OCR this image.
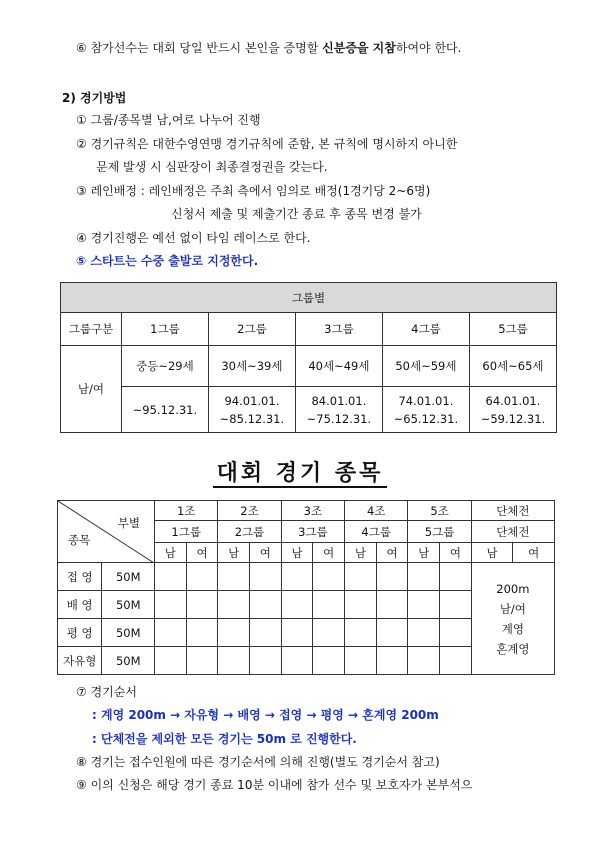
⑥ 참가선수는 대회 당일 반드시 본인을 증명할 신분증을 지참하여야 한다.
2) 경기방법
① 그룹/종목별 남,여로 나누어 진행
② 경기규칙은 대한수영연맹 경기규칙에 준함, 본 규칙에 명시하지 아니한
문제 발생 시 심판장이 최종결정권을 갖는다.
③ 레인배정 : 레인배정은 주최 측에서 임의로 배정(1경기당 2~6명)
신청서 제출 및 제출기간 종료 후 종목 변경 불가
④ 경기진행은 예선 없이 타임 레이스로 한다.
⑤ 스타트는 수중 출발로 지정한다.
그룹별					
그룹구분	1그룹	2그룹	3그룹	4그룹	5그룹
남/여	중등~29세	30세~39세	40세~49세	50세~59세	60세~65세
	~95.12.31.	94.01.01.
~85.12.31.	84.01.01.
~75.12.31.	74.01.01.
~65.12.31.	64.01.01.
~59.12.31.
대회 경기 종목
부별
종목		1조		2조		3조		4조		5조		단체전	
		1그룹		2그룹		3그룹		4그룹		5그룹		단체전	
		남	여	남	여	남	여	남	여	남	여	남	여
접 영	50M											200m
남/여
계영
혼계영	

배 영	50M												
평 영	50M												
자유형	50M												
⑦ 경기순서
: 계영 200m → 자유형 → 배영 → 접영 → 평영 → 혼계영 200m
: 단체전을 제외한 모든 경기는 50m 로 진행한다.
⑧ 경기는 접수인원에 따른 경기순서에 의해 진행(별도 경기순서 참고)
⑨ 이의 신청은 해당 경기 종료 10분 이내에 참가 선수 및 보호자가 본부석으
